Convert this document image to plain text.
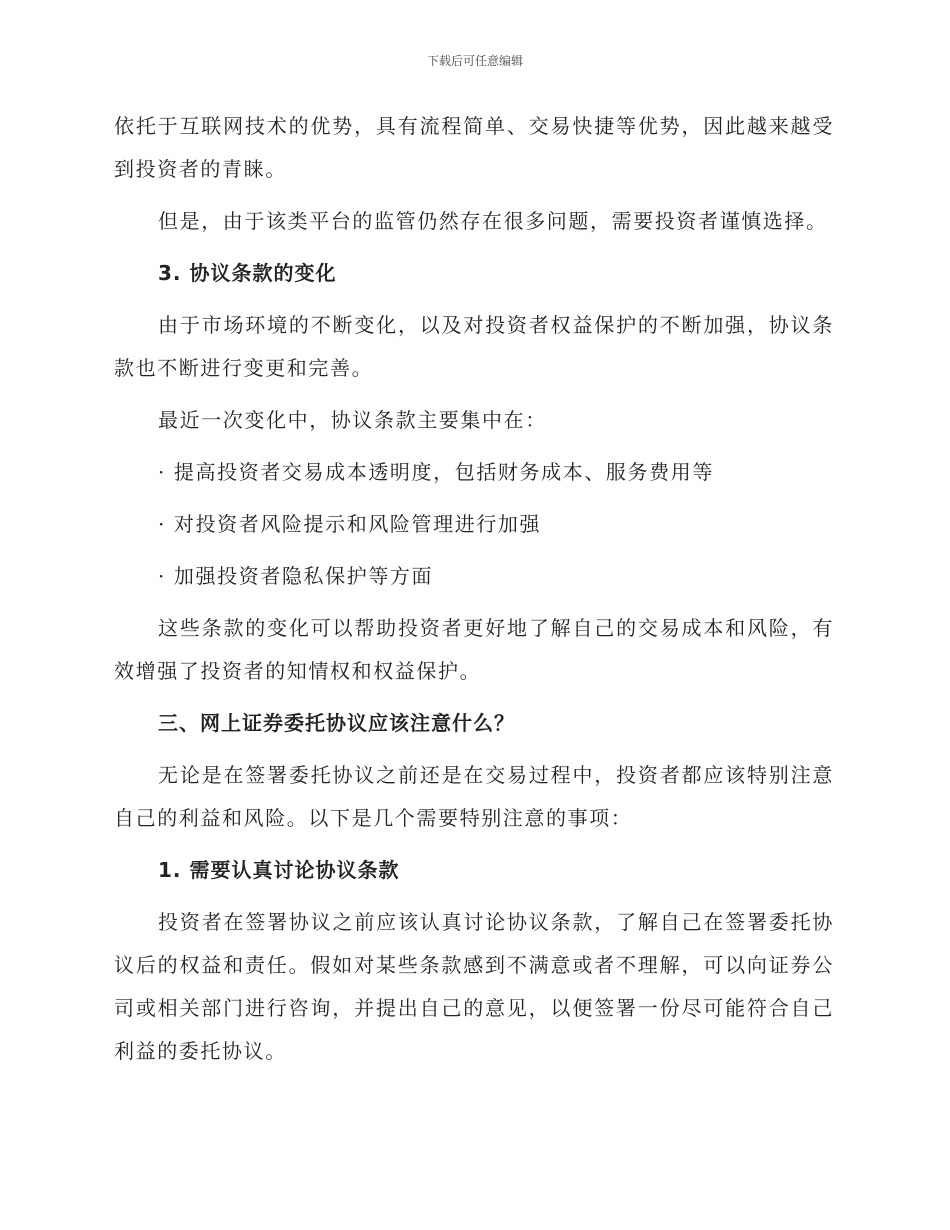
下载后可任意编辑

依托于互联网技术的优势，具有流程简单、交易快捷等优势，因此越来越受到投资者的青睐。

但是，由于该类平台的监管仍然存在很多问题，需要投资者谨慎选择。

3. 协议条款的变化

由于市场环境的不断变化，以及对投资者权益保护的不断加强，协议条款也不断进行变更和完善。

最近一次变化中，协议条款主要集中在：

· 提高投资者交易成本透明度，包括财务成本、服务费用等

· 对投资者风险提示和风险管理进行加强

· 加强投资者隐私保护等方面

这些条款的变化可以帮助投资者更好地了解自己的交易成本和风险，有效增强了投资者的知情权和权益保护。

三、网上证券委托协议应该注意什么？

无论是在签署委托协议之前还是在交易过程中，投资者都应该特别注意自己的利益和风险。以下是几个需要特别注意的事项：

1. 需要认真讨论协议条款

投资者在签署协议之前应该认真讨论协议条款，了解自己在签署委托协议后的权益和责任。假如对某些条款感到不满意或者不理解，可以向证券公司或相关部门进行咨询，并提出自己的意见，以便签署一份尽可能符合自己利益的委托协议。
